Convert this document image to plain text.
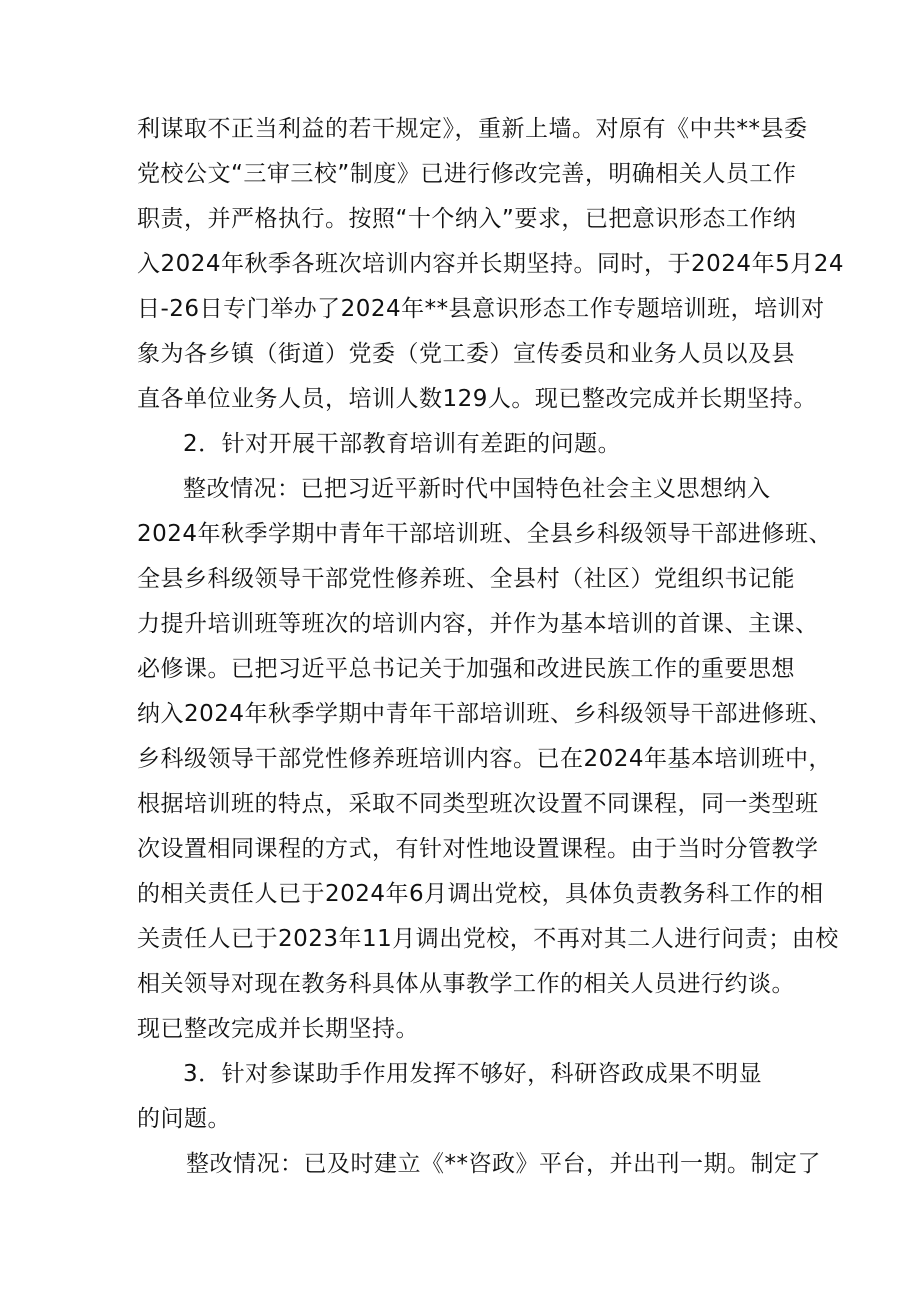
利谋取不正当利益的若干规定》，重新上墙。对原有《中共**县委
党校公文“三审三校”制度》已进行修改完善，明确相关人员工作
职责，并严格执行。按照“十个纳入”要求，已把意识形态工作纳
入2024年秋季各班次培训内容并长期坚持。同时，于2024年5月24
日-26日专门举办了2024年**县意识形态工作专题培训班，培训对
象为各乡镇（街道）党委（党工委）宣传委员和业务人员以及县
直各单位业务人员，培训人数129人。现已整改完成并长期坚持。
2．针对开展干部教育培训有差距的问题。
整改情况：已把习近平新时代中国特色社会主义思想纳入
2024年秋季学期中青年干部培训班、全县乡科级领导干部进修班、
全县乡科级领导干部党性修养班、全县村（社区）党组织书记能
力提升培训班等班次的培训内容，并作为基本培训的首课、主课、
必修课。已把习近平总书记关于加强和改进民族工作的重要思想
纳入2024年秋季学期中青年干部培训班、乡科级领导干部进修班、
乡科级领导干部党性修养班培训内容。已在2024年基本培训班中，
根据培训班的特点，采取不同类型班次设置不同课程，同一类型班
次设置相同课程的方式，有针对性地设置课程。由于当时分管教学
的相关责任人已于2024年6月调出党校，具体负责教务科工作的相
关责任人已于2023年11月调出党校，不再对其二人进行问责；由校
相关领导对现在教务科具体从事教学工作的相关人员进行约谈。
现已整改完成并长期坚持。
3．针对参谋助手作用发挥不够好，科研咨政成果不明显
的问题。
整改情况：已及时建立《**咨政》平台，并出刊一期。制定了
